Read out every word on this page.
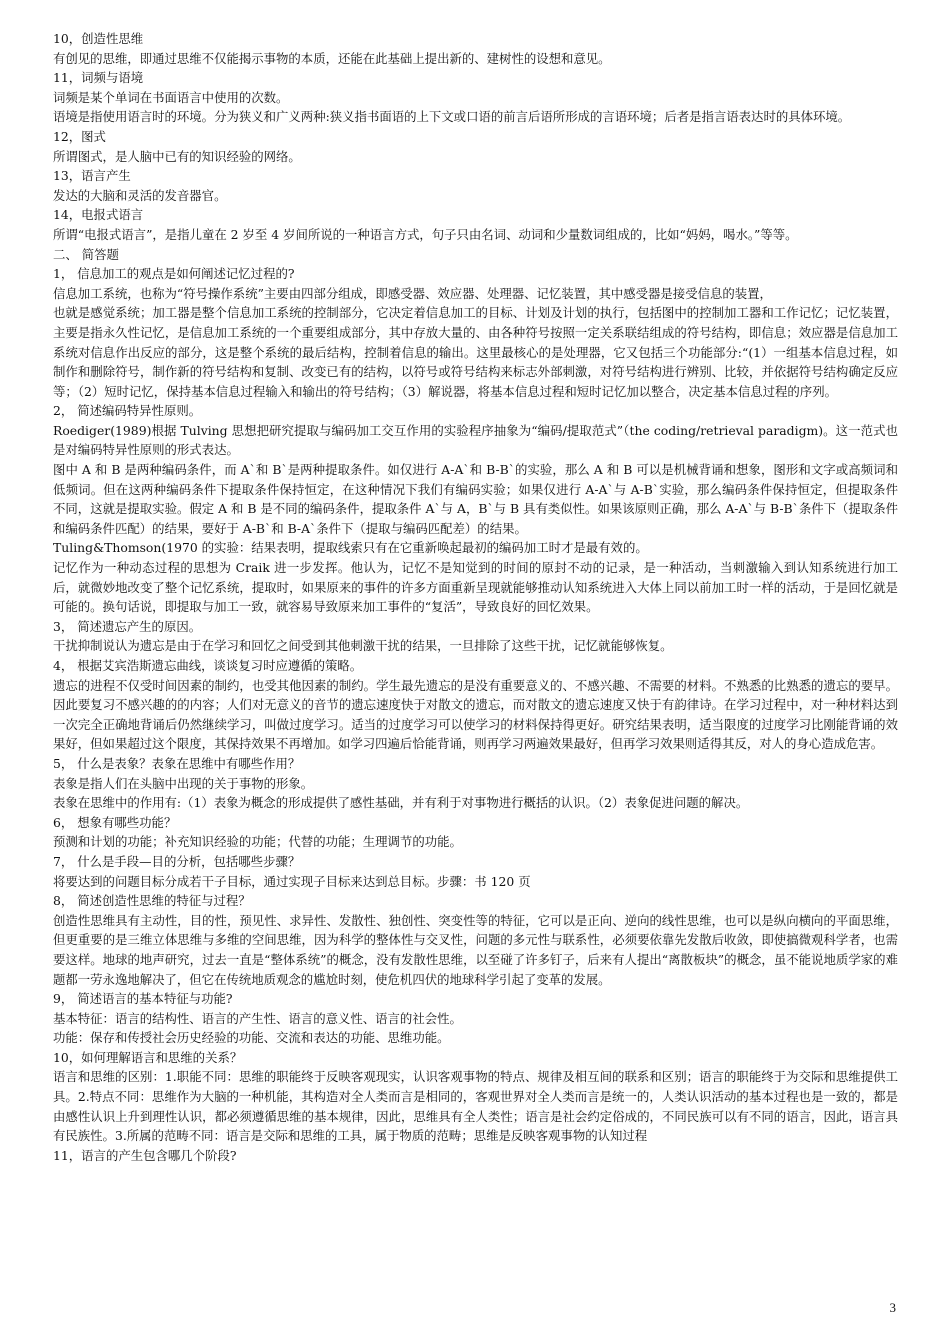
10，创造性思维

有创见的思维，即通过思维不仅能揭示事物的本质，还能在此基础上提出新的、建树性的设想和意见。

11，词频与语境

词频是某个单词在书面语言中使用的次数。

语境是指使用语言时的环境。分为狭义和广义两种:狭义指书面语的上下文或口语的前言后语所形成的言语环境；后者是指言语表达时的具体环境。

12，图式

所谓图式，是人脑中已有的知识经验的网络。

13，语言产生

发达的大脑和灵活的发音器官。

14，电报式语言

所谓“电报式语言”，是指儿童在 2 岁至 4 岁间所说的一种语言方式，句子只由名词、动词和少量数词组成的，比如“妈妈，喝水。”等等。

二、 简答题

1， 信息加工的观点是如何阐述记忆过程的?

信息加工系统，也称为“符号操作系统”主要由四部分组成，即感受器、效应器、处理器、记忆装置，其中感受器是接受信息的装置，

也就是感觉系统；加工器是整个信息加工系统的控制部分，它决定着信息加工的目标、计划及计划的执行，包括图中的控制加工器和工作记忆；记忆装置，主要是指永久性记忆，是信息加工系统的一个重要组成部分，其中存放大量的、由各种符号按照一定关系联结组成的符号结构，即信息；效应器是信息加工系统对信息作出反应的部分，这是整个系统的最后结构，控制着信息的输出。这里最核心的是处理器，它又包括三个功能部分:“(1）一组基本信息过程，如制作和删除符号，制作新的符号结构和复制、改变已有的结构，以符号或符号结构来标志外部刺激，对符号结构进行辨别、比较，并依据符号结构确定反应等；（2）短时记忆，保持基本信息过程输入和输出的符号结构；（3）解说器，将基本信息过程和短时记忆加以整合，决定基本信息过程的序列。

2， 简述编码特异性原则。

Roediger(1989)根据 Tulving 思想把研究提取与编码加工交互作用的实验程序抽象为“编码/提取范式”（the coding/retrieval paradigm)。这一范式也是对编码特异性原则的形式表达。

图中 A 和 B 是两种编码条件，而 A`和 B`是两种提取条件。如仅进行 A-A`和 B-B`的实验，那么 A 和 B 可以是机械背诵和想象，图形和文字或高频词和低频词。但在这两种编码条件下提取条件保持恒定，在这种情况下我们有编码实验；如果仅进行 A-A`与 A-B`实验，那么编码条件保持恒定，但提取条件不同，这就是提取实验。假定 A 和 B 是不同的编码条件，提取条件 A`与 A，B`与 B 具有类似性。如果该原则正确，那么 A-A`与 B-B`条件下（提取条件和编码条件匹配）的结果，要好于 A-B`和 B-A`条件下（提取与编码匹配差）的结果。

Tuling&Thomson(1970 的实验：结果表明，提取线索只有在它重新唤起最初的编码加工时才是最有效的。

记忆作为一种动态过程的思想为 Craik 进一步发挥。他认为，记忆不是知觉到的时间的原封不动的记录，是一种活动，当刺激输入到认知系统进行加工后，就微妙地改变了整个记忆系统，提取时，如果原来的事件的许多方面重新呈现就能够推动认知系统进入大体上同以前加工时一样的活动，于是回忆就是可能的。换句话说，即提取与加工一致，就容易导致原来加工事件的“复活”，导致良好的回忆效果。

3， 简述遗忘产生的原因。

干扰抑制说认为遗忘是由于在学习和回忆之间受到其他刺激干扰的结果，一旦排除了这些干扰，记忆就能够恢复。

4， 根据艾宾浩斯遗忘曲线，谈谈复习时应遵循的策略。

遗忘的进程不仅受时间因素的制约，也受其他因素的制约。学生最先遗忘的是没有重要意义的、不感兴趣、不需要的材料。不熟悉的比熟悉的遗忘的要早。因此要复习不感兴趣的的内容；人们对无意义的音节的遗忘速度快于对散文的遗忘，而对散文的遗忘速度又快于有韵律诗。在学习过程中，对一种材料达到一次完全正确地背诵后仍然继续学习，叫做过度学习。适当的过度学习可以使学习的材料保持得更好。研究结果表明，适当限度的过度学习比刚能背诵的效果好，但如果超过这个限度，其保持效果不再增加。如学习四遍后恰能背诵，则再学习两遍效果最好，但再学习效果则适得其反，对人的身心造成危害。

5， 什么是表象？表象在思维中有哪些作用？

表象是指人们在头脑中出现的关于事物的形象。

表象在思维中的作用有:（1）表象为概念的形成提供了感性基础，并有利于对事物进行概括的认识。（2）表象促进问题的解决。

6， 想象有哪些功能？

预测和计划的功能；补充知识经验的功能；代替的功能；生理调节的功能。

7， 什么是手段—目的分析，包括哪些步骤？

将要达到的问题目标分成若干子目标，通过实现子目标来达到总目标。步骤：书 120 页

8， 简述创造性思维的特征与过程？

创造性思维具有主动性，目的性，预见性、求异性、发散性、独创性、突变性等的特征，它可以是正向、逆向的线性思维，也可以是纵向横向的平面思维，但更重要的是三维立体思维与多维的空间思维，因为科学的整体性与交叉性，问题的多元性与联系性，必须要依靠先发散后收敛，即使搞微观科学者，也需要这样。地球的地声研究，过去一直是“整体系统”的概念，没有发散性思维，以至碰了许多钉子，后来有人提出“离散板块”的概念，虽不能说地质学家的难题都一劳永逸地解决了，但它在传统地质观念的尴尬时刻，使危机四伏的地球科学引起了变革的发展。

9， 简述语言的基本特征与功能?

基本特征：语言的结构性、语言的产生性、语言的意义性、语言的社会性。

功能：保存和传授社会历史经验的功能、交流和表达的功能、思维功能。

10，如何理解语言和思维的关系？

语言和思维的区别：1.职能不同：思维的职能终于反映客观现实，认识客观事物的特点、规律及相互间的联系和区别；语言的职能终于为交际和思维提供工具。2.特点不同：思维作为大脑的一种机能，其构造对全人类而言是相同的，客观世界对全人类而言是统一的，人类认识活动的基本过程也是一致的，都是由感性认识上升到理性认识，都必须遵循思维的基本规律，因此，思维具有全人类性；语言是社会约定俗成的，不同民族可以有不同的语言，因此，语言具有民族性。3.所属的范畴不同：语言是交际和思维的工具，属于物质的范畴；思维是反映客观事物的认知过程

11，语言的产生包含哪几个阶段?

3
